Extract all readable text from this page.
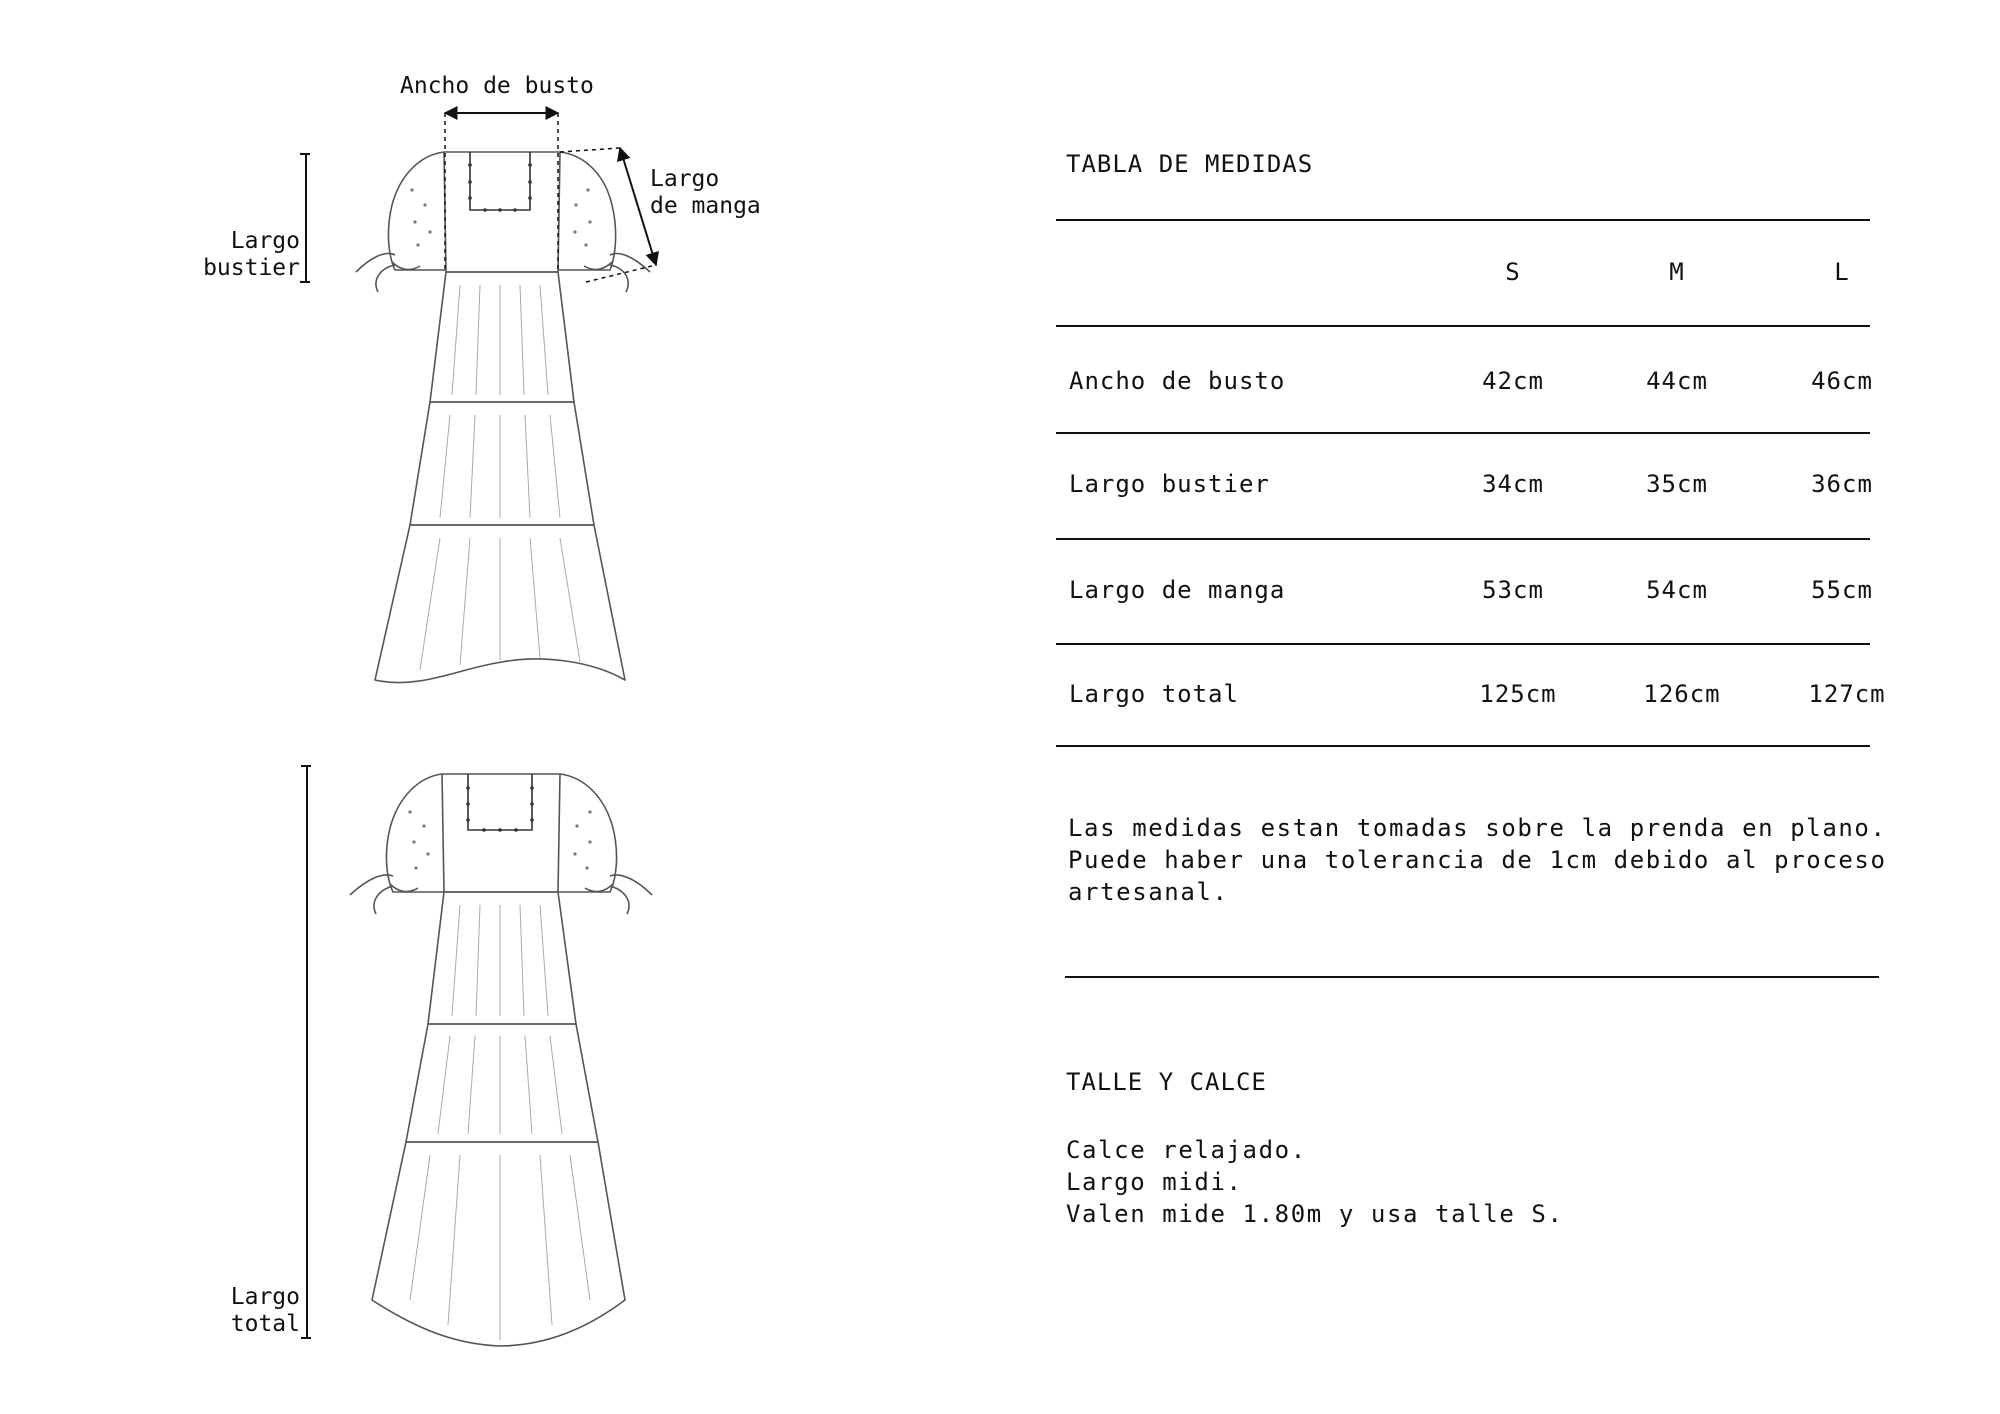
Ancho de busto
Largo
de manga
Largo
bustier
Largo
total
TABLA DE MEDIDAS
S	M	L
Ancho de busto	42cm	44cm	46cm
Largo bustier	34cm	35cm	36cm
Largo de manga	53cm	54cm	55cm
Largo total	125cm	126cm	127cm
Las medidas estan tomadas sobre la prenda en plano.
Puede haber una tolerancia de 1cm debido al proceso
artesanal.
TALLE Y CALCE
Calce relajado.
Largo midi.
Valen mide 1.80m y usa talle S.
